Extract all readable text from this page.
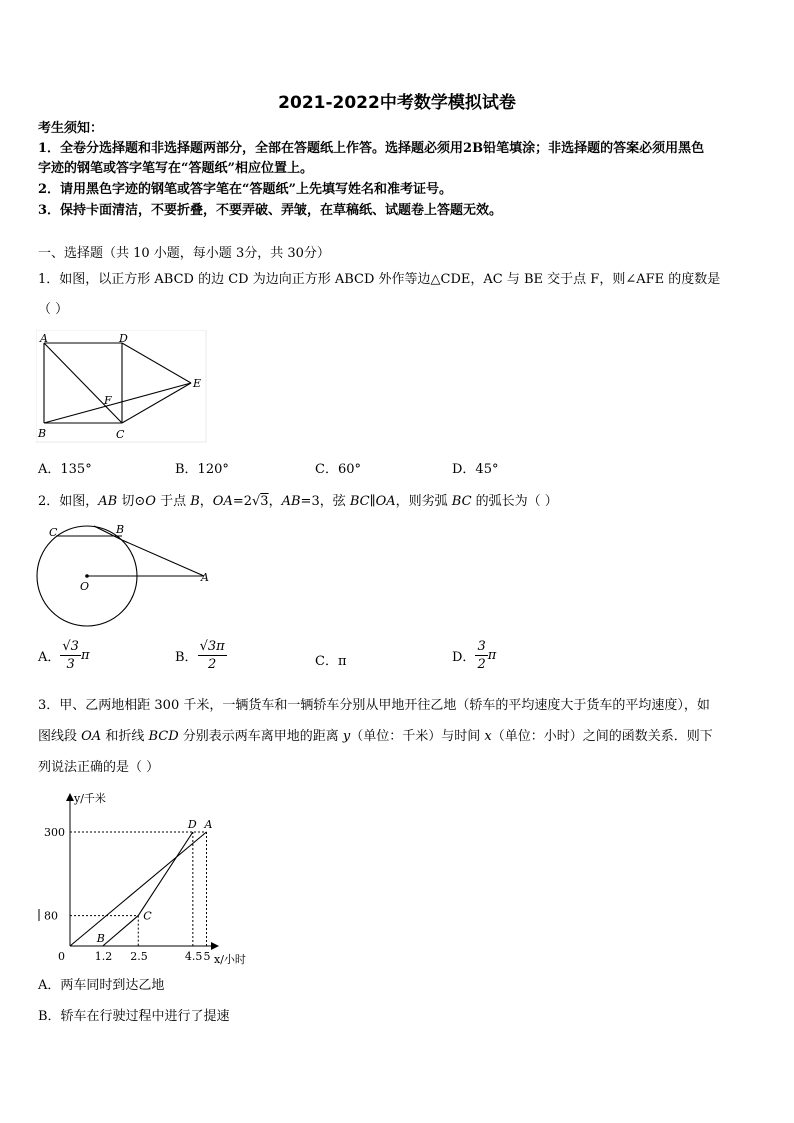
2021-2022中考数学模拟试卷
考生须知：
1．全卷分选择题和非选择题两部分，全部在答题纸上作答。选择题必须用2B铅笔填涂；非选择题的答案必须用黑色
字迹的钢笔或答字笔写在“答题纸”相应位置上。
2．请用黑色字迹的钢笔或答字笔在“答题纸”上先填写姓名和准考证号。
3．保持卡面清洁，不要折叠，不要弄破、弄皱，在草稿纸、试题卷上答题无效。
一、选择题（共 10 小题，每小题 3分，共 30分）
1．如图，以正方形 ABCD 的边 CD 为边向正方形 ABCD 外作等边△CDE，AC 与 BE 交于点 F，则∠AFE 的度数是
（ ）
A	D
E
F
B	C
A．135°	B．120°	C．60°	D．45°
2．如图，AB 切⊙O 于点 B，OA=2√3，AB=3，弦 BC∥OA，则劣弧 BC 的弧长为（ ）
C	B
O
A
A． $\frac{√3}{3}$ π	B． $\frac{√3\pi}{2}$	C．π	D． $\frac{3}{2}$ π
3．甲、乙两地相距 300 千米，一辆货车和一辆轿车分别从甲地开往乙地（轿车的平均速度大于货车的平均速度），如
图线段 OA 和折线 BCD 分别表示两车离甲地的距离 y（单位：千米）与时间 x（单位：小时）之间的函数关系．则下
列说法正确的是（ ）
y/千米
x/小时
B
C
D A
300
80
0	1.2 2.5	4.5 5
A．两车同时到达乙地
B．轿车在行驶过程中进行了提速
